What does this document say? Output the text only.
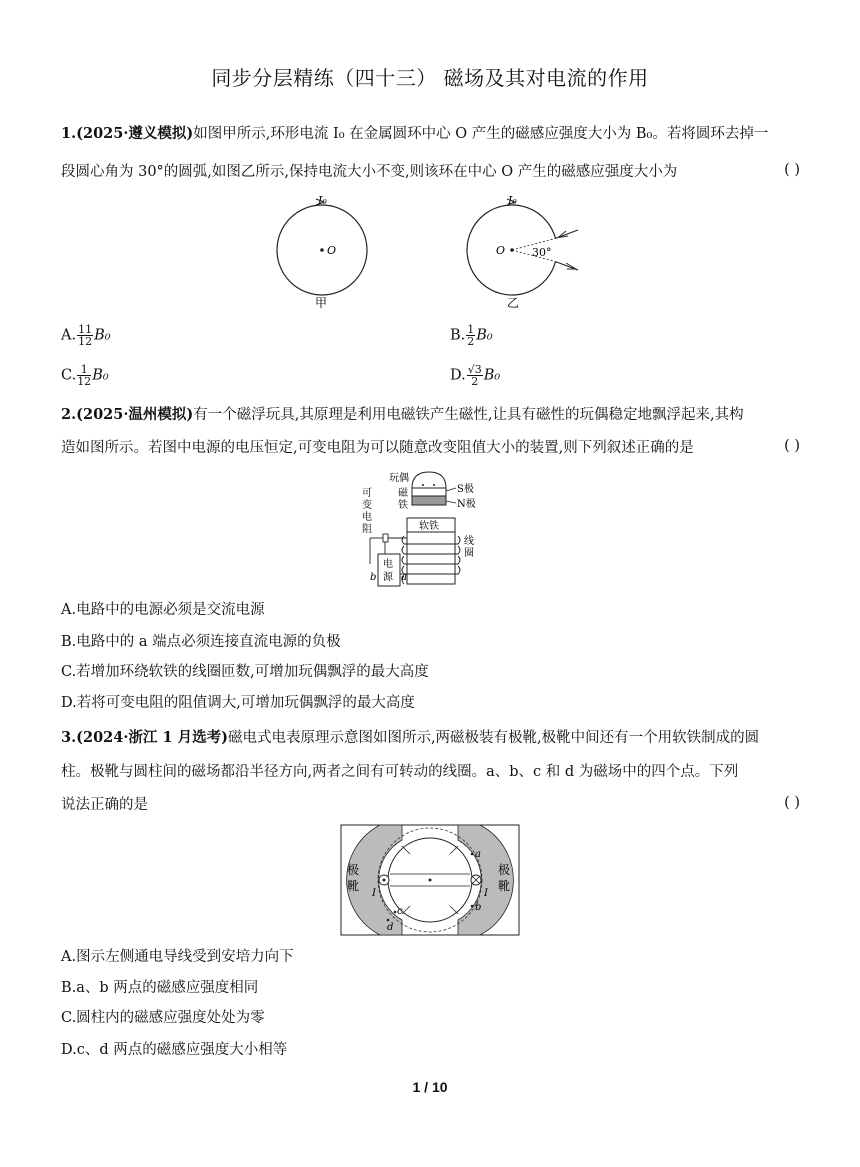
同步分层精练（四十三） 磁场及其对电流的作用
1.(2025·遵义模拟)如图甲所示,环形电流 I₀ 在金属圆环中心 O 产生的磁感应强度大小为 B₀。若将圆环去掉一
段圆心角为 30°的圆弧,如图乙所示,保持电流大小不变,则该环在中心 O 产生的磁感应强度大小为	( )
I₀
O
甲
I₀
O 30°
乙
A. $\frac{11}{12} B_0$	B. $\frac{1}{2} B_0$
C. $\frac{1}{12} B_0$	D. $\frac{√3}{2} B_0$
2.(2025·温州模拟)有一个磁浮玩具,其原理是利用电磁铁产生磁性,让具有磁性的玩偶稳定地飘浮起来,其构
造如图所示。若图中电源的电压恒定,可变电阻为可以随意改变阻值大小的装置,则下列叙述正确的是	( )
S极
N极
玩偶
磁
铁
可
变
电
阻	软铁
线
圈
电
源 a
b
A.电路中的电源必须是交流电源
B.电路中的 a 端点必须连接直流电源的负极
C.若增加环绕软铁的线圈匝数,可增加玩偶飘浮的最大高度
D.若将可变电阻的阻值调大,可增加玩偶飘浮的最大高度
3.(2024·浙江 1 月选考)磁电式电表原理示意图如图所示,两磁极装有极靴,极靴中间还有一个用软铁制成的圆
柱。极靴与圆柱间的磁场都沿半径方向,两者之间有可转动的线圈。a、b、c 和 d 为磁场中的四个点。下列
说法正确的是	( )
I	I
a
b
c
d
极
靴
极
靴
A.图示左侧通电导线受到安培力向下
B.a、b 两点的磁感应强度相同
C.圆柱内的磁感应强度处处为零
D.c、d 两点的磁感应强度大小相等
1 / 10
